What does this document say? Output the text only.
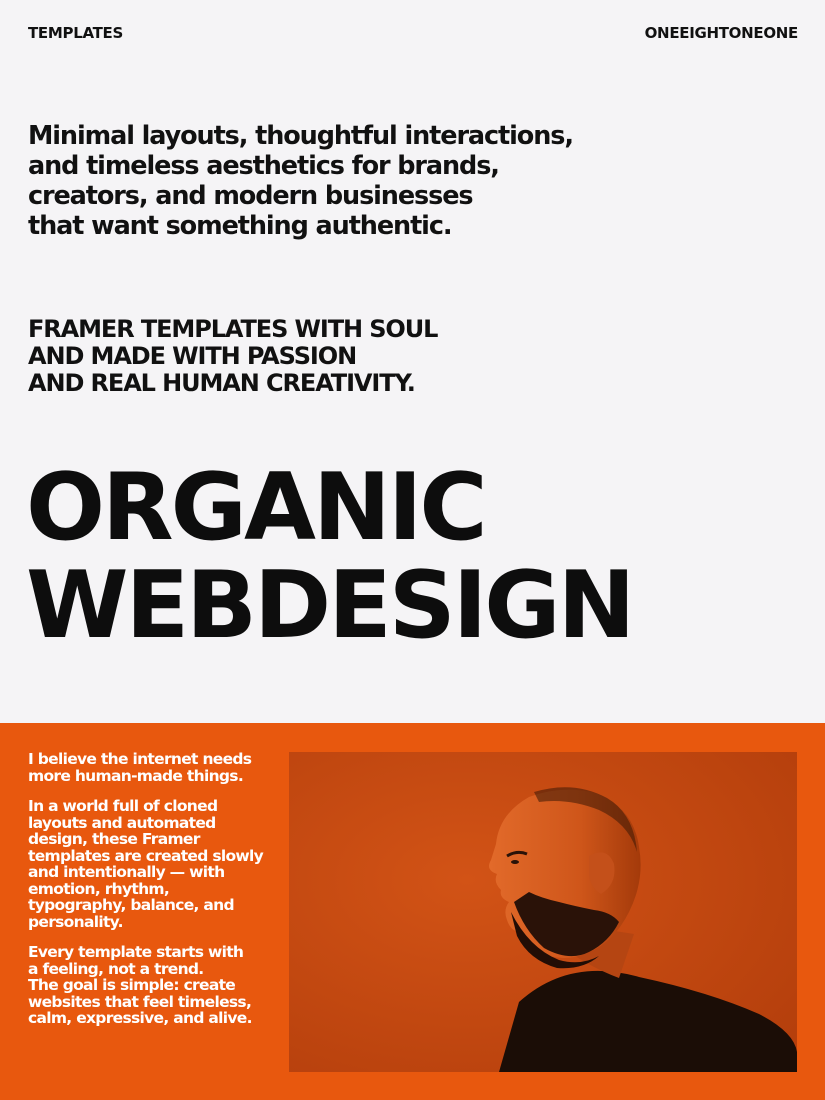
TEMPLATES	ONEEIGHTONEONE
Minimal layouts, thoughtful interactions,
and timeless aesthetics for brands,
creators, and modern businesses
that want something authentic.
FRAMER TEMPLATES WITH SOUL
AND MADE WITH PASSION
AND REAL HUMAN CREATIVITY.
ORGANIC
WEBDESIGN

I believe the internet needs
more human-made things.

In a world full of cloned
layouts and automated
design, these Framer
templates are created slowly
and intentionally — with
emotion, rhythm,
typography, balance, and
personality.

Every template starts with
a feeling, not a trend.
The goal is simple: create
websites that feel timeless,
calm, expressive, and alive.
